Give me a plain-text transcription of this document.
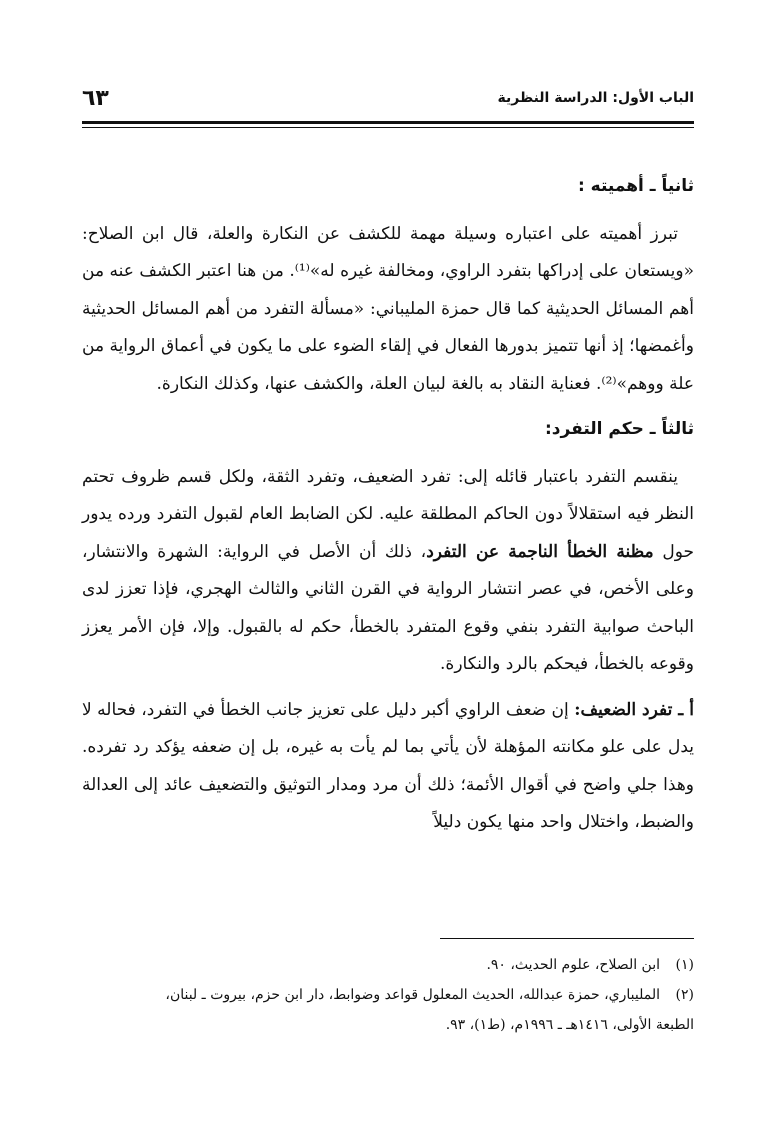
الباب الأول: الدراسة النظرية
٦٣

ثانياً ـ أهميته :

تبرز أهميته على اعتباره وسيلة مهمة للكشف عن النكارة والعلة، قال ابن الصلاح: «ويستعان على إدراكها بتفرد الراوي، ومخالفة غيره له»⁽¹⁾. من هنا اعتبر الكشف عنه من أهم المسائل الحديثية كما قال حمزة المليباني: «مسألة التفرد من أهم المسائل الحديثية وأغمضها؛ إذ أنها تتميز بدورها الفعال في إلقاء الضوء على ما يكون في أعماق الرواية من علة ووهم»⁽²⁾. فعناية النقاد به بالغة لبيان العلة، والكشف عنها، وكذلك النكارة.

ثالثاً ـ حكم التفرد:

ينقسم التفرد باعتبار قائله إلى: تفرد الضعيف، وتفرد الثقة، ولكل قسم ظروف تحتم النظر فيه استقلالاً دون الحاكم المطلقة عليه. لكن الضابط العام لقبول التفرد ورده يدور حول مظنة الخطأ الناجمة عن التفرد، ذلك أن الأصل في الرواية: الشهرة والانتشار، وعلى الأخص، في عصر انتشار الرواية في القرن الثاني والثالث الهجري، فإذا تعزز لدى الباحث صوابية التفرد بنفي وقوع المتفرد بالخطأ، حكم له بالقبول. وإلا، فإن الأمر يعزز وقوعه بالخطأ، فيحكم بالرد والنكارة.

أ ـ تفرد الضعيف: إن ضعف الراوي أكبر دليل على تعزيز جانب الخطأ في التفرد، فحاله لا يدل على علو مكانته المؤهلة لأن يأتي بما لم يأت به غيره، بل إن ضعفه يؤكد رد تفرده. وهذا جلي واضح في أقوال الأئمة؛ ذلك أن مرد ومدار التوثيق والتضعيف عائد إلى العدالة والضبط، واختلال واحد منها يكون دليلاً

(١)ابن الصلاح، علوم الحديث، ٩٠.

(٢)المليباري، حمزة عبدالله، الحديث المعلول قواعد وضوابط، دار ابن حزم، بيروت ـ لبنان،

الطبعة الأولى، ١٤١٦هـ ـ ١٩٩٦م، (ط١)، ٩٣.
